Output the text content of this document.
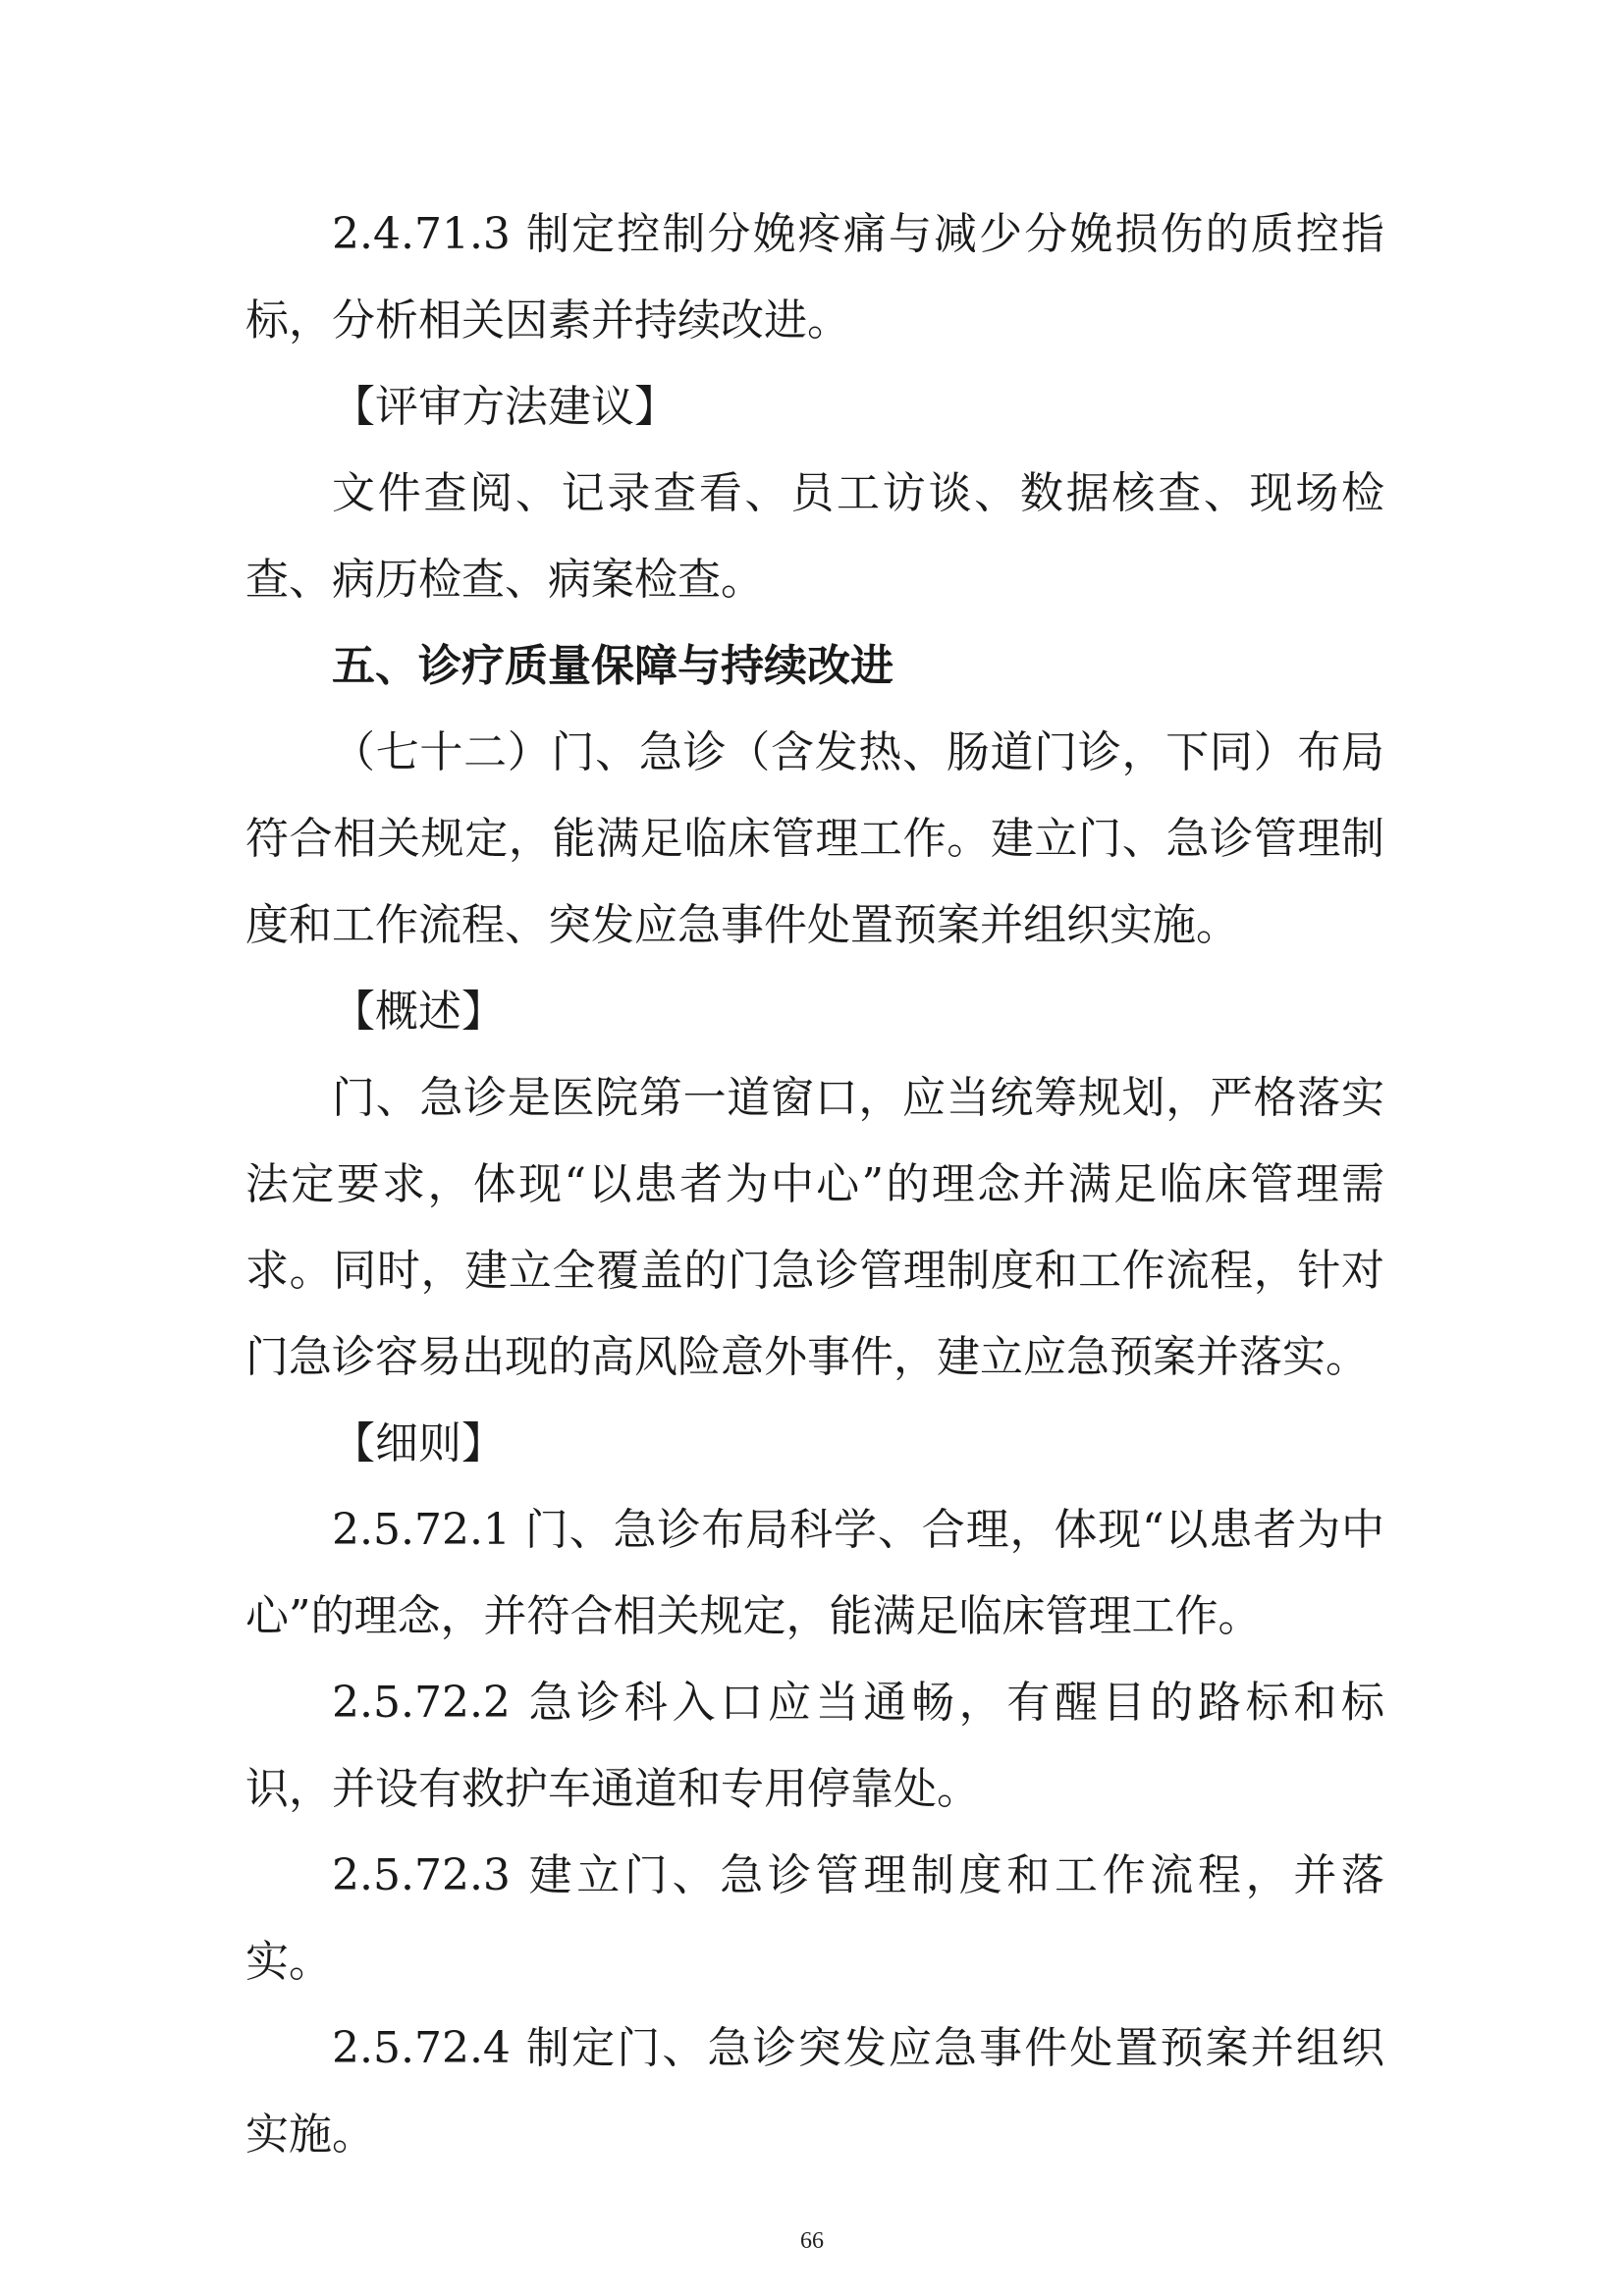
2.4.71.3 制定控制分娩疼痛与减少分娩损伤的质控指标，分析相关因素并持续改进。

【评审方法建议】

文件查阅、记录查看、员工访谈、数据核查、现场检查、病历检查、病案检查。

五、诊疗质量保障与持续改进

（七十二）门、急诊（含发热、肠道门诊，下同）布局符合相关规定，能满足临床管理工作。建立门、急诊管理制度和工作流程、突发应急事件处置预案并组织实施。

【概述】

门、急诊是医院第一道窗口，应当统筹规划，严格落实法定要求，体现“以患者为中心”的理念并满足临床管理需求。同时，建立全覆盖的门急诊管理制度和工作流程，针对门急诊容易出现的高风险意外事件，建立应急预案并落实。

【细则】

2.5.72.1 门、急诊布局科学、合理，体现“以患者为中心”的理念，并符合相关规定，能满足临床管理工作。

2.5.72.2 急诊科入口应当通畅，有醒目的路标和标识，并设有救护车通道和专用停靠处。

2.5.72.3 建立门、急诊管理制度和工作流程，并落实。

2.5.72.4 制定门、急诊突发应急事件处置预案并组织实施。

66
